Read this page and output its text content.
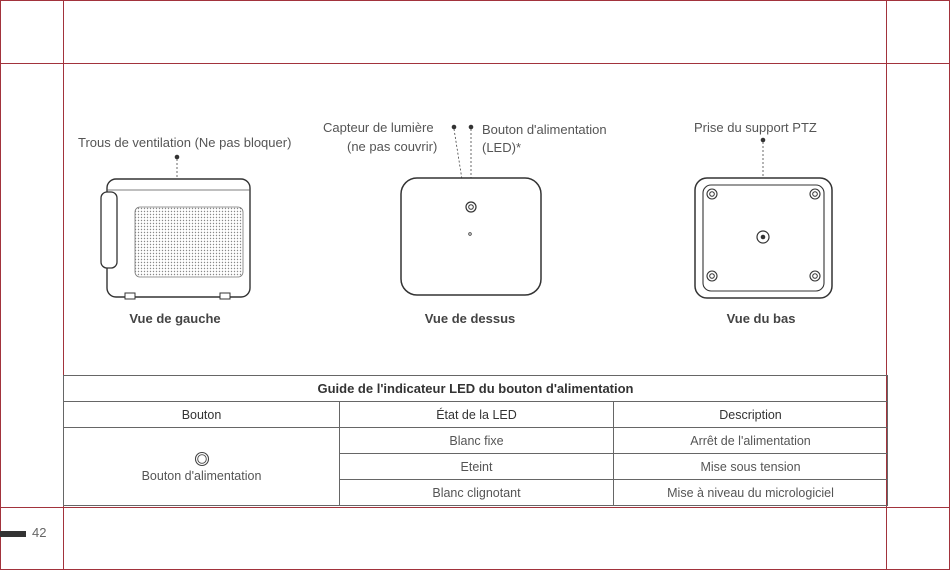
Trous de ventilation (Ne pas bloquer)
Capteur de lumière
(ne pas couvrir)
Bouton d'alimentation
(LED)*
Prise du support PTZ
Vue de gauche	Vue de dessus	Vue du bas
Guide de l'indicateur LED du bouton d'alimentation		
Bouton	État de la LED	Description

Bouton d'alimentation	Blanc fixe	Arrêt de l'alimentation
	Eteint	Mise sous tension
	Blanc clignotant	Mise à niveau du micrologiciel
42
